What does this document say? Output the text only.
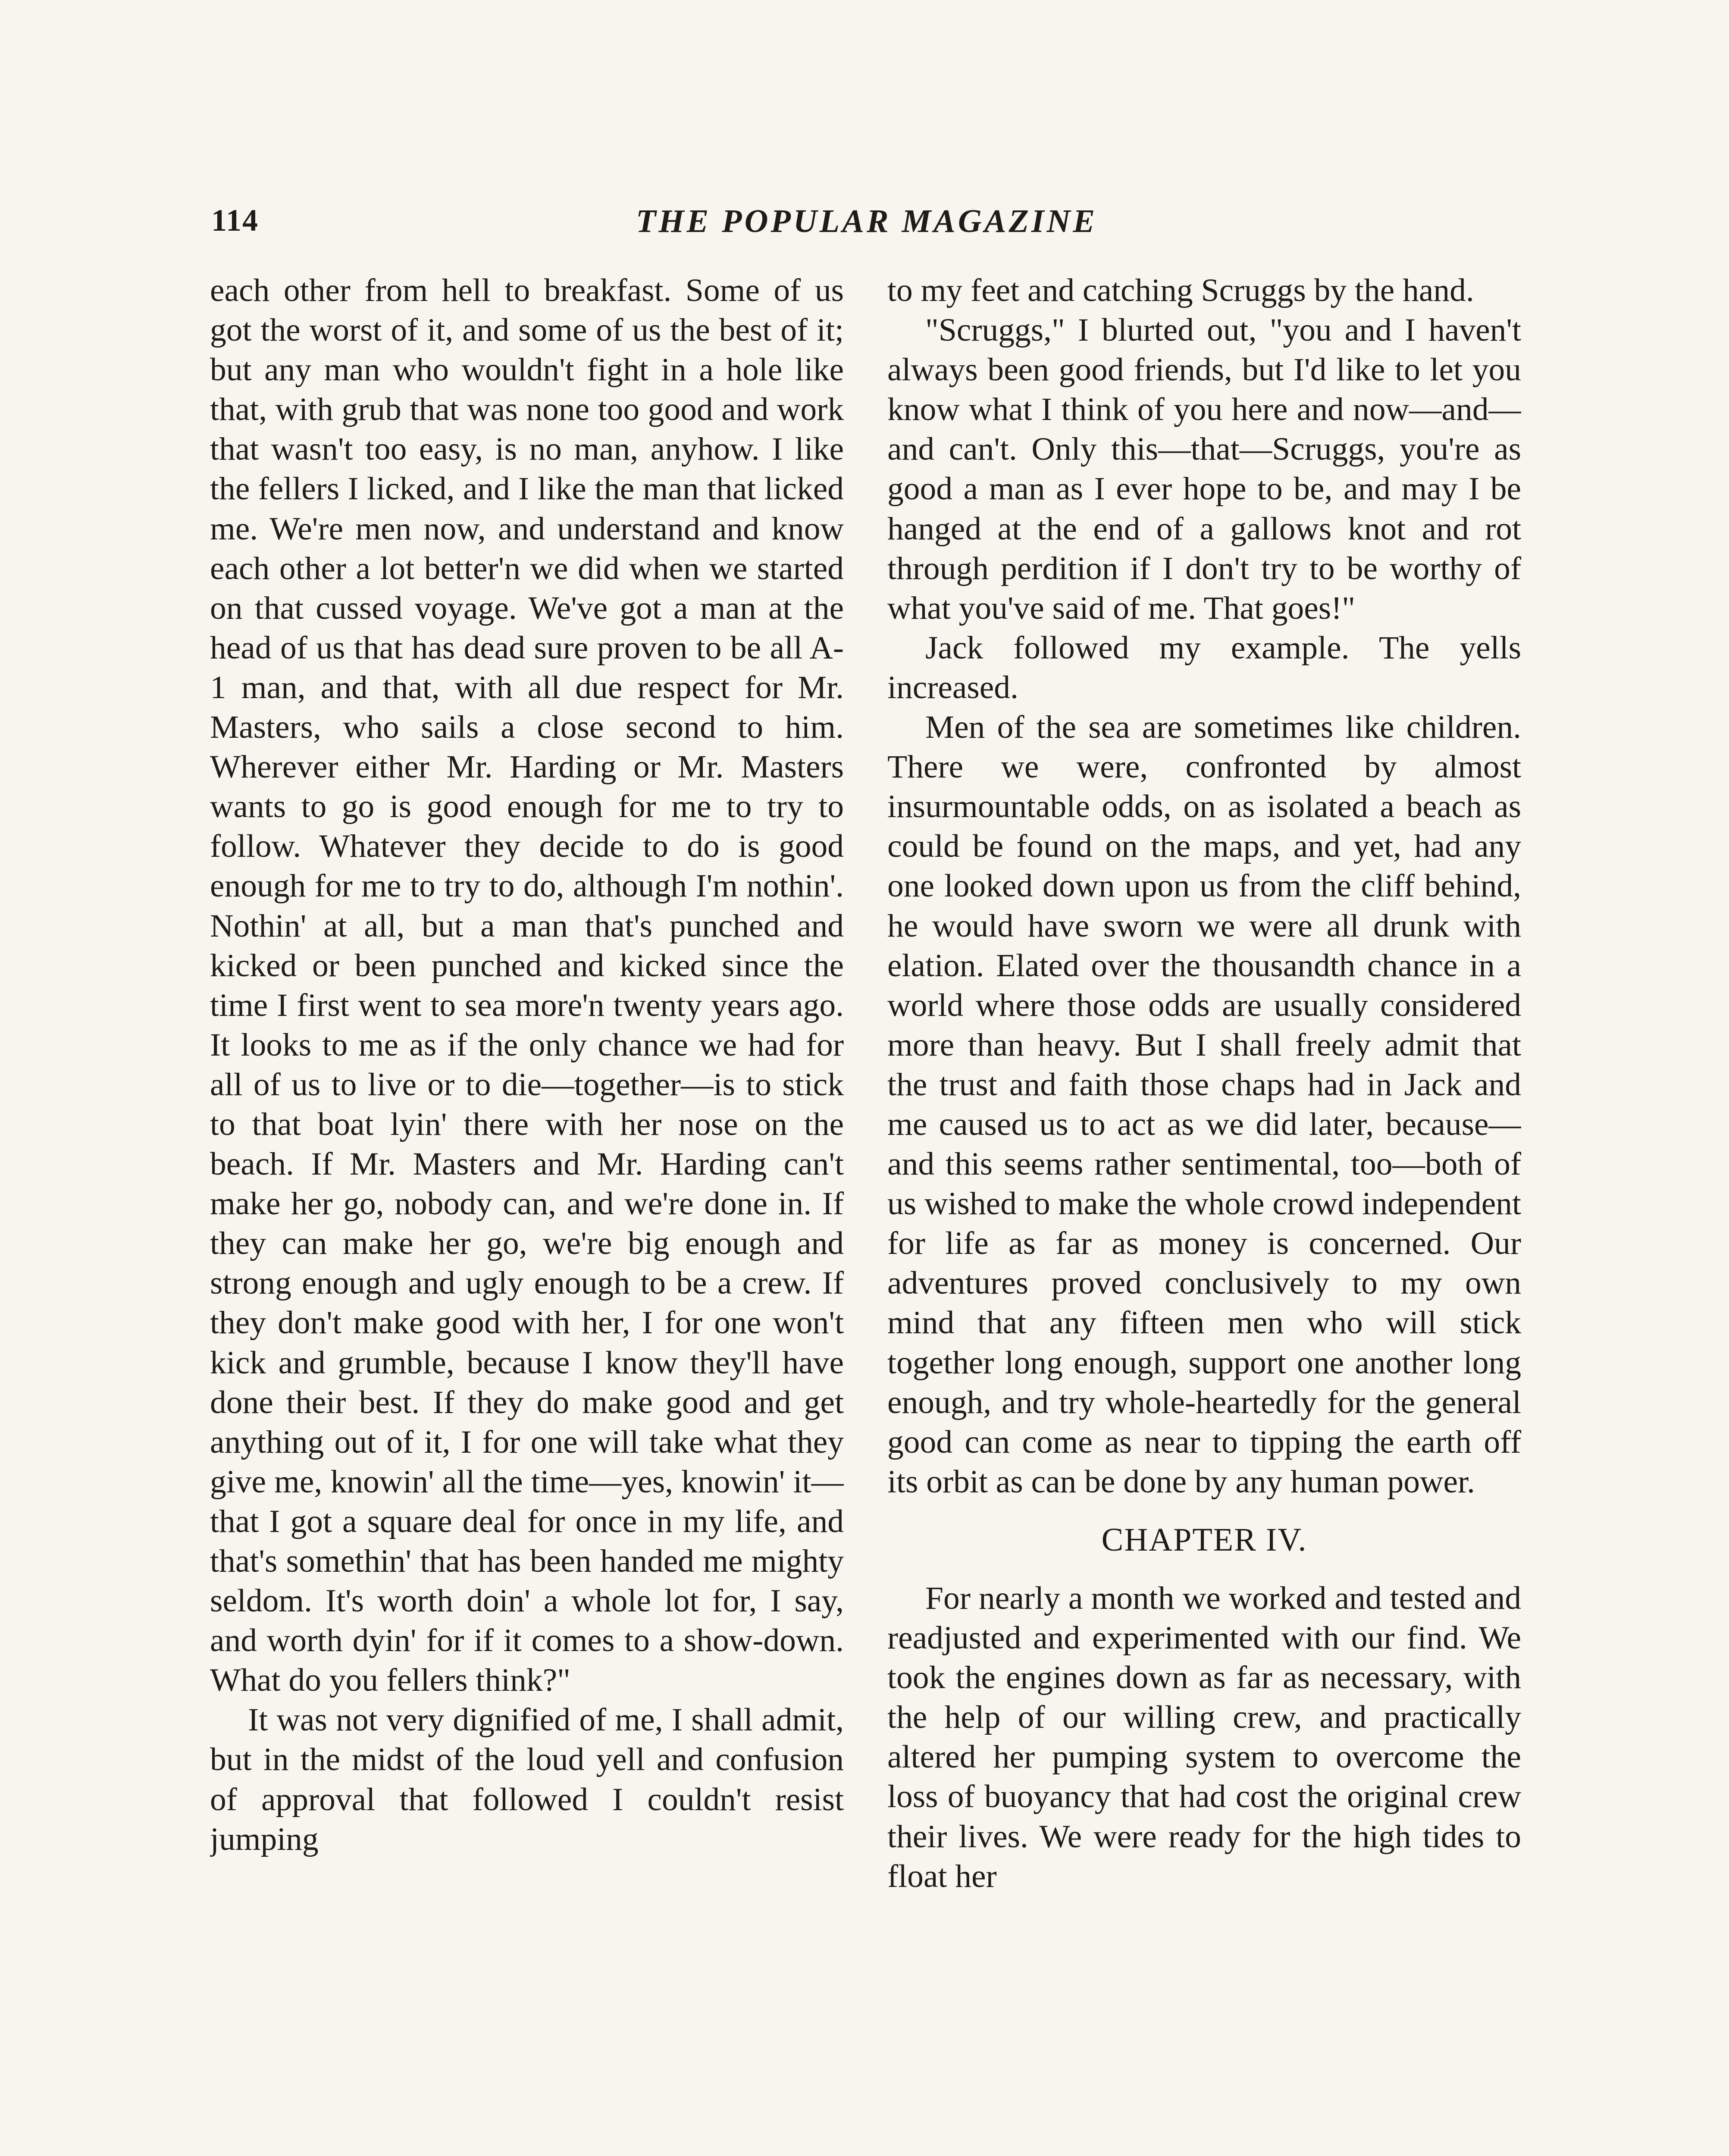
114	THE POPULAR MAGAZINE

each other from hell to breakfast. Some of us got the worst of it, and some of us the best of it; but any man who wouldn't fight in a hole like that, with grub that was none too good and work that wasn't too easy, is no man, anyhow. I like the fellers I licked, and I like the man that licked me. We're men now, and understand and know each other a lot better'n we did when we started on that cussed voyage. We've got a man at the head of us that has dead sure proven to be all A-1 man, and that, with all due respect for Mr. Masters, who sails a close second to him. Wherever either Mr. Harding or Mr. Masters wants to go is good enough for me to try to follow. Whatever they decide to do is good enough for me to try to do, although I'm nothin'. Nothin' at all, but a man that's punched and kicked or been punched and kicked since the time I first went to sea more'n twenty years ago. It looks to me as if the only chance we had for all of us to live or to die—together—is to stick to that boat lyin' there with her nose on the beach. If Mr. Masters and Mr. Harding can't make her go, nobody can, and we're done in. If they can make her go, we're big enough and strong enough and ugly enough to be a crew. If they don't make good with her, I for one won't kick and grumble, because I know they'll have done their best. If they do make good and get anything out of it, I for one will take what they give me, knowin' all the time—yes, knowin' it—that I got a square deal for once in my life, and that's somethin' that has been handed me mighty seldom. It's worth doin' a whole lot for, I say, and worth dyin' for if it comes to a show-down. What do you fellers think?"

It was not very dignified of me, I shall admit, but in the midst of the loud yell and confusion of approval that followed I couldn't resist jumping

to my feet and catching Scruggs by the hand.

"Scruggs," I blurted out, "you and I haven't always been good friends, but I'd like to let you know what I think of you here and now—and—and can't. Only this—that—Scruggs, you're as good a man as I ever hope to be, and may I be hanged at the end of a gallows knot and rot through perdition if I don't try to be worthy of what you've said of me. That goes!"

Jack followed my example. The yells increased.

Men of the sea are sometimes like children. There we were, confronted by almost insurmountable odds, on as isolated a beach as could be found on the maps, and yet, had any one looked down upon us from the cliff behind, he would have sworn we were all drunk with elation. Elated over the thousandth chance in a world where those odds are usually considered more than heavy. But I shall freely admit that the trust and faith those chaps had in Jack and me caused us to act as we did later, because—and this seems rather sentimental, too—both of us wished to make the whole crowd independent for life as far as money is concerned. Our adventures proved conclusively to my own mind that any fifteen men who will stick together long enough, support one another long enough, and try whole-heartedly for the general good can come as near to tipping the earth off its orbit as can be done by any human power.

CHAPTER IV.

For nearly a month we worked and tested and readjusted and experimented with our find. We took the engines down as far as necessary, with the help of our willing crew, and practically altered her pumping system to overcome the loss of buoyancy that had cost the original crew their lives. We were ready for the high tides to float her
